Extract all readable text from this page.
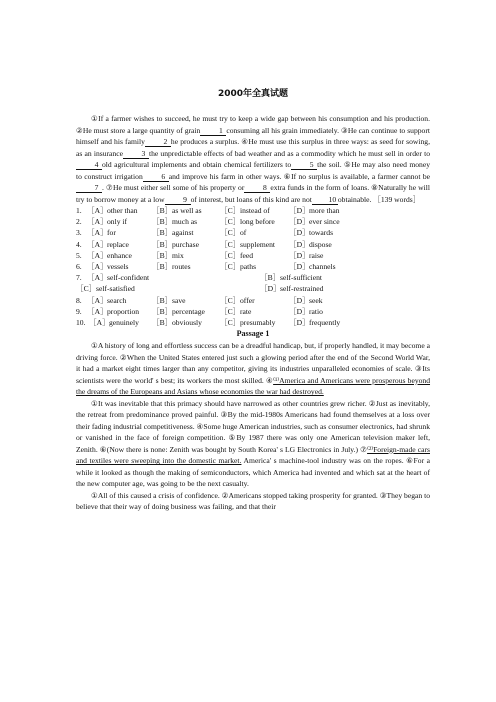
2000年全真试题

①If a farmer wishes to succeed, he must try to keep a wide gap between his consumption and his production. ②He must store a large quantity of grain 1 consuming all his grain immediately. ③He can continue to support himself and his family 2 he produces a surplus. ④He must use this surplus in three ways: as seed for sowing, as an insurance 3 the unpredictable effects of bad weather and as a commodity which he must sell in order to4 old agricultural implements and obtain chemical fertilizers to 5 the soil. ⑤He may also need money to construct irrigation 6 and improve his farm in other ways. ⑥If no surplus is available, a farmer cannot be7 . ⑦He must either sell some of his property or 8 extra funds in the form of loans. ⑧Naturally he will try to borrow money at a low 9 of interest, but loans of this kind are not 10 obtainable. ［139 words］

1. ［A］ other than ［B］ as well as ［C］ instead of	［D］ more than
2. ［A］ only if	［B］ much as	［C］ long before ［D］ ever since
3. ［A］ for	［B］ against	［C］ of	［D］ towards
4. ［A］ replace	［B］ purchase	［C］ supplement ［D］ dispose
5. ［A］ enhance	［B］ mix	［C］ feed	［D］ raise
6. ［A］ vessels	［B］ routes	［C］ paths	［D］ channels
7. ［A］ self-confident	［B］ self-sufficient
［C］ self-satisfied	［D］ self-restrained
8. ［A］ search	［B］ save	［C］ offer	［D］ seek
9. ［A］ proportion ［B］ percentage ［C］ rate	［D］ ratio
10. ［A］ genuinely ［B］ obviously ［C］ presumably ［D］ frequently
Passage 1

①A history of long and effortless success can be a dreadful handicap, but, if properly handled, it may become a driving force. ②When the United States entered just such a glowing period after the end of the Second World War, it had a market eight times larger than any competitor, giving its industries unparalleled economies of scale. ③Its scientists were the world' s best; its workers the most skilled. ④⁽¹⁾America and Americans were prosperous beyond the dreams of the Europeans and Asians whose economies the war had destroyed.

①It was inevitable that this primacy should have narrowed as other countries grew richer. ②Just as inevitably, the retreat from predominance proved painful. ③By the mid-1980s Americans had found themselves at a loss over their fading industrial competitiveness. ④Some huge American industries, such as consumer electronics, had shrunk or vanished in the face of foreign competition. ⑤By 1987 there was only one American television maker left, Zenith. ⑥(Now there is none: Zenith was bought by South Korea' s LG Electronics in July.) ⑦⁽²⁾Foreign-made cars and textiles were sweeping into the domestic market. America' s machine-tool industry was on the ropes. ⑥For a while it looked as though the making of semiconductors, which America had invented and which sat at the heart of the new computer age, was going to be the next casualty.

①All of this caused a crisis of confidence. ②Americans stopped taking prosperity for granted. ③They began to believe that their way of doing business was failing, and that their
